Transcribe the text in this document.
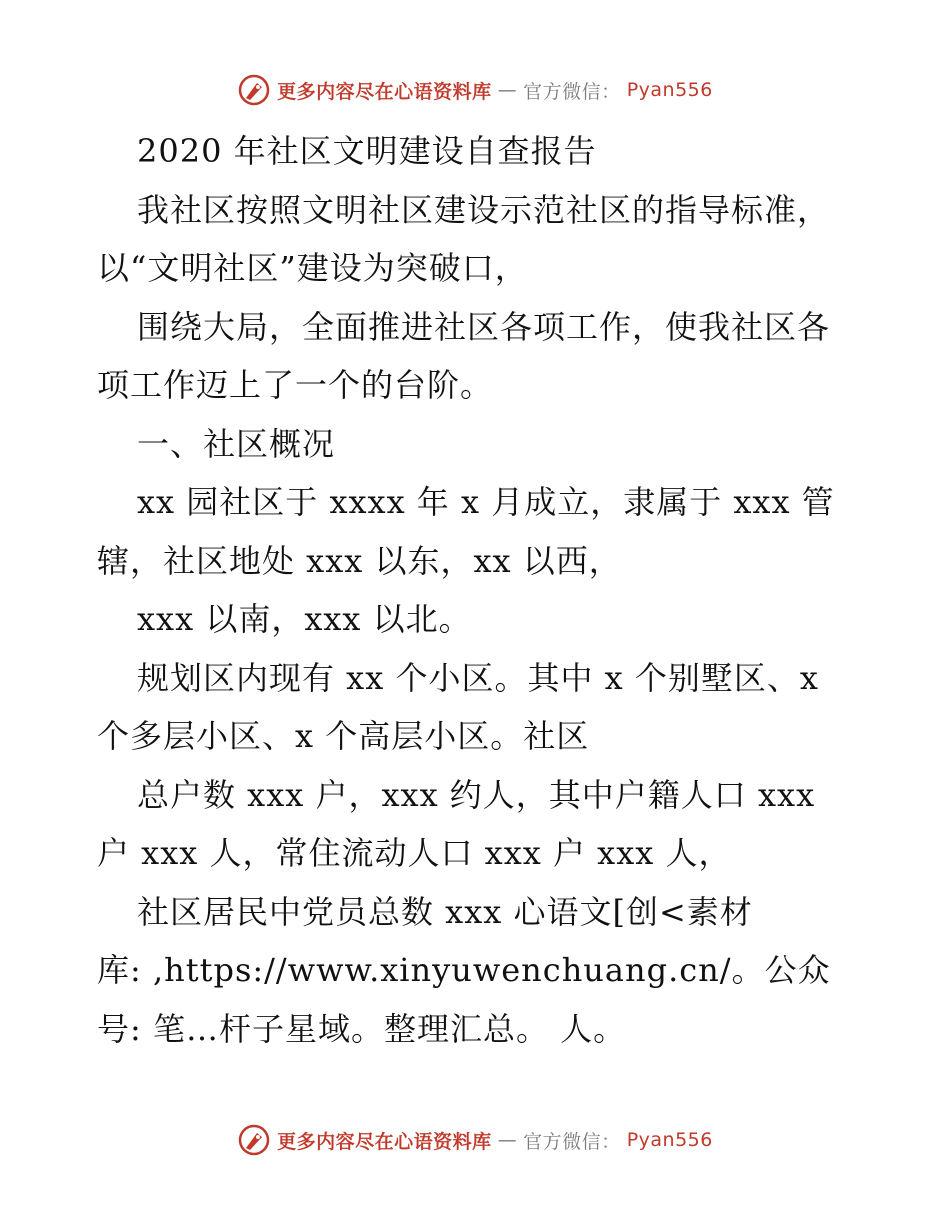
更多内容尽在心语资料库 — 官方微信： Pyan556
2020 年社区文明建设自查报告
我社区按照文明社区建设示范社区的指导标准，
以“文明社区”建设为突破口，
围绕大局，全面推进社区各项工作，使我社区各
项工作迈上了一个的台阶。
一、社区概况
xx 园社区于 xxxx 年 x 月成立，隶属于 xxx 管
辖，社区地处 xxx 以东，xx 以西，
xxx 以南，xxx 以北。
规划区内现有 xx 个小区。其中 x 个别墅区、x
个多层小区、x 个高层小区。社区
总户数 xxx 户，xxx 约人，其中户籍人口 xxx
户 xxx 人，常住流动人口 xxx 户 xxx 人，
社区居民中党员总数 xxx 心语文[创<素材
库: ,https://www.xinyuwenchuang.cn/。公众
号: 笔…杆子星域。整理汇总。 人。
更多内容尽在心语资料库 — 官方微信： Pyan556
